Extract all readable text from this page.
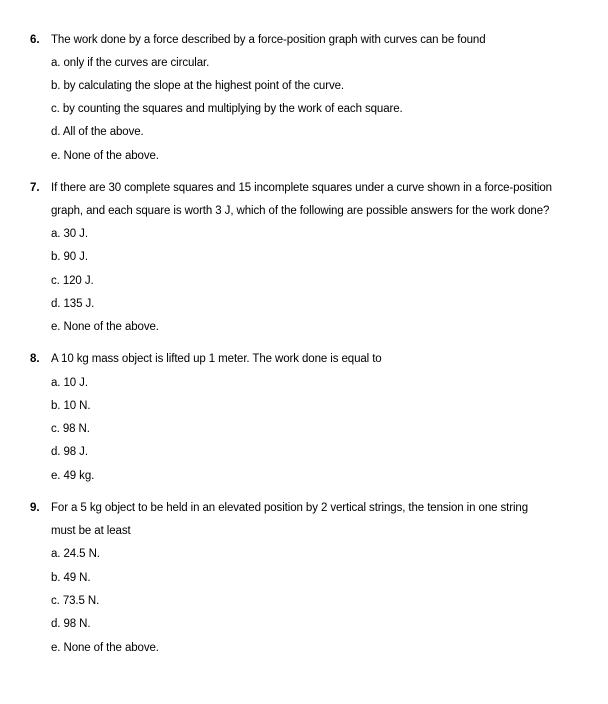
6. The work done by a force described by a force-position graph with curves can be found
a. only if the curves are circular.
b. by calculating the slope at the highest point of the curve.
c. by counting the squares and multiplying by the work of each square.
d. All of the above.
e. None of the above.
7. If there are 30 complete squares and 15 incomplete squares under a curve shown in a force-position
graph, and each square is worth 3 J, which of the following are possible answers for the work done?
a. 30 J.
b. 90 J.
c. 120 J.
d. 135 J.
e. None of the above.
8. A 10 kg mass object is lifted up 1 meter. The work done is equal to
a. 10 J.
b. 10 N.
c. 98 N.
d. 98 J.
e. 49 kg.
9. For a 5 kg object to be held in an elevated position by 2 vertical strings, the tension in one string
must be at least
a. 24.5 N.
b. 49 N.
c. 73.5 N.
d. 98 N.
e. None of the above.
